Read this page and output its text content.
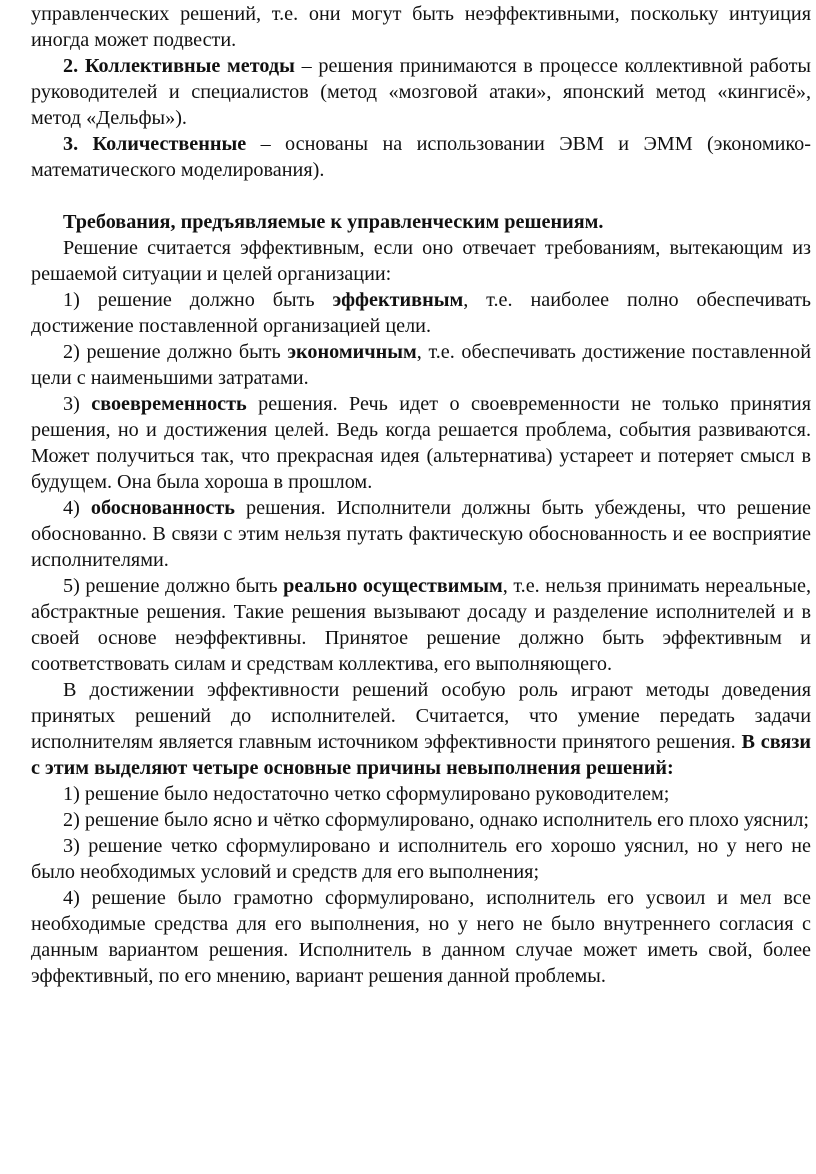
управленческих решений, т.е. они могут быть неэффективными, поскольку интуиция иногда может подвести.

2. Коллективные методы – решения принимаются в процессе коллективной работы руководителей и специалистов (метод «мозговой атаки», японский метод «кингисё», метод «Дельфы»).

3. Количественные – основаны на использовании ЭВМ и ЭММ (экономико-математического моделирования).

Требования, предъявляемые к управленческим решениям.

Решение считается эффективным, если оно отвечает требованиям, вытекающим из решаемой ситуации и целей организации:

1) решение должно быть эффективным, т.е. наиболее полно обеспечивать достижение поставленной организацией цели.

2) решение должно быть экономичным, т.е. обеспечивать достижение поставленной цели с наименьшими затратами.

3) своевременность решения. Речь идет о своевременности не только принятия решения, но и достижения целей. Ведь когда решается проблема, события развиваются. Может получиться так, что прекрасная идея (альтернатива) устареет и потеряет смысл в будущем. Она была хороша в прошлом.

4) обоснованность решения. Исполнители должны быть убеждены, что решение обоснованно. В связи с этим нельзя путать фактическую обоснованность и ее восприятие исполнителями.

5) решение должно быть реально осуществимым, т.е. нельзя принимать нереальные, абстрактные решения. Такие решения вызывают досаду и разделение исполнителей и в своей основе неэффективны. Принятое решение должно быть эффективным и соответствовать силам и средствам коллектива, его выполняющего.

В достижении эффективности решений особую роль играют методы доведения принятых решений до исполнителей. Считается, что умение передать задачи исполнителям является главным источником эффективности принятого решения. В связи с этим выделяют четыре основные причины невыполнения решений:

1) решение было недостаточно четко сформулировано руководителем;

2) решение было ясно и чётко сформулировано, однако исполнитель его плохо уяснил;

3) решение четко сформулировано и исполнитель его хорошо уяснил, но у него не было необходимых условий и средств для его выполнения;

4) решение было грамотно сформулировано, исполнитель его усвоил и мел все необходимые средства для его выполнения, но у него не было внутреннего согласия с данным вариантом решения. Исполнитель в данном случае может иметь свой, более эффективный, по его мнению, вариант решения данной проблемы.
